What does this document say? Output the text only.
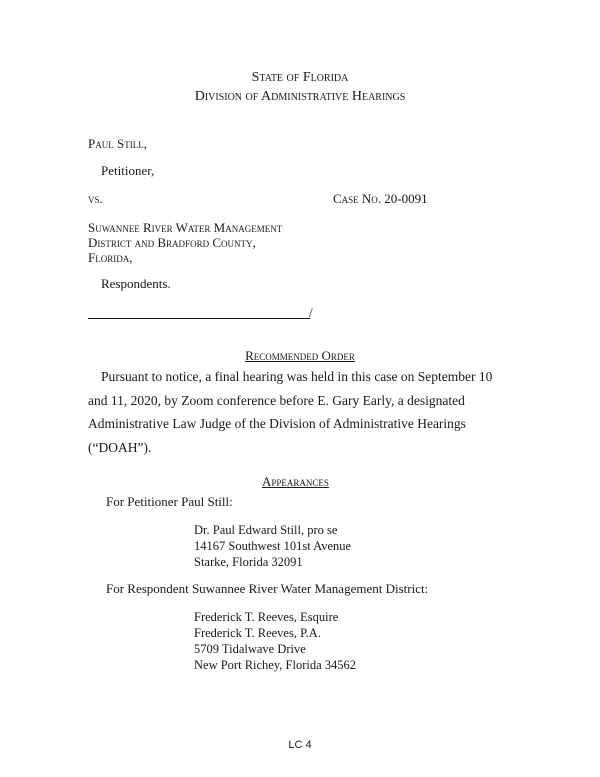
State of Florida
Division of Administrative Hearings
Paul Still,
Petitioner,
vs.	Case No. 20-0091
Suwannee River Water Management
District and Bradford County,
Florida,
Respondents.
/
Recommended Order
Pursuant to notice, a final hearing was held in this case on September 10
and 11, 2020, by Zoom conference before E. Gary Early, a designated
Administrative Law Judge of the Division of Administrative Hearings
(“DOAH”).
Appearances
For Petitioner Paul Still:
Dr. Paul Edward Still, pro se
14167 Southwest 101st Avenue
Starke, Florida 32091
For Respondent Suwannee River Water Management District:
Frederick T. Reeves, Esquire
Frederick T. Reeves, P.A.
5709 Tidalwave Drive
New Port Richey, Florida 34562
LC 4
